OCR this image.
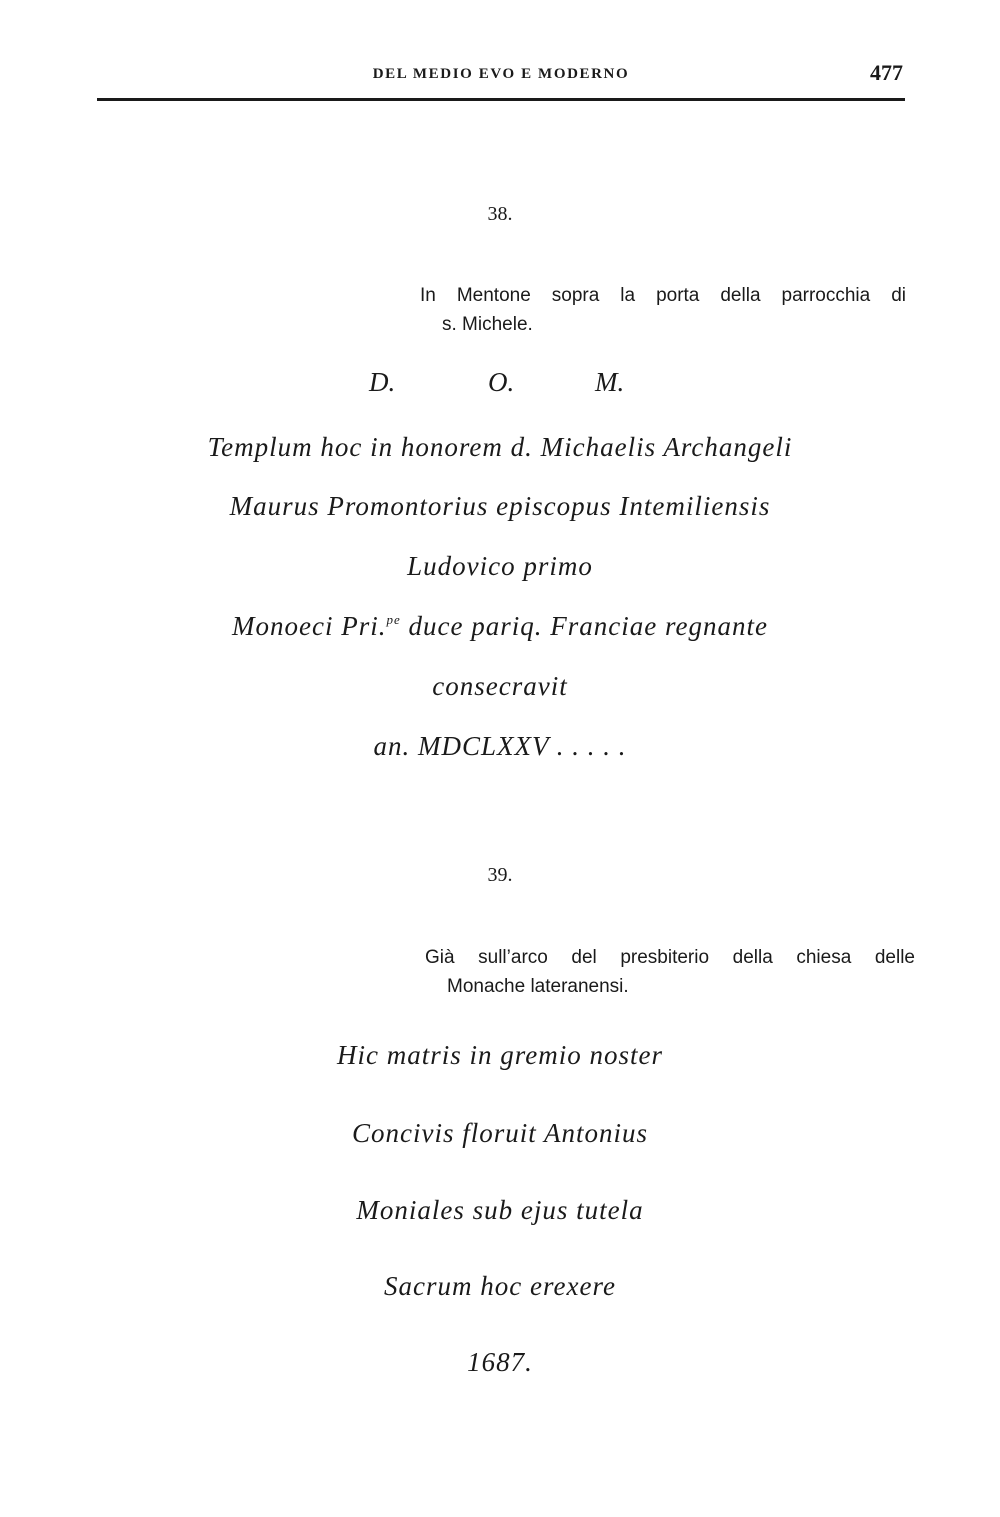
DEL MEDIO EVO E MODERNO	477
38.
In Mentone sopra la porta della parrocchia di
s. Michele.
D.	O.	M.
Templum hoc in honorem d. Michaelis Archangeli
Maurus Promontorius episcopus Intemiliensis
Ludovico primo
Monoeci Pri.$^{pe}$ duce pariq. Franciae regnante
consecravit
an. MDCLXXV . . . . .
39.
Già sull’arco del presbiterio della chiesa delle
Monache lateranensi.
Hic matris in gremio noster
Concivis floruit Antonius
Moniales sub ejus tutela
Sacrum hoc erexere
1687.
